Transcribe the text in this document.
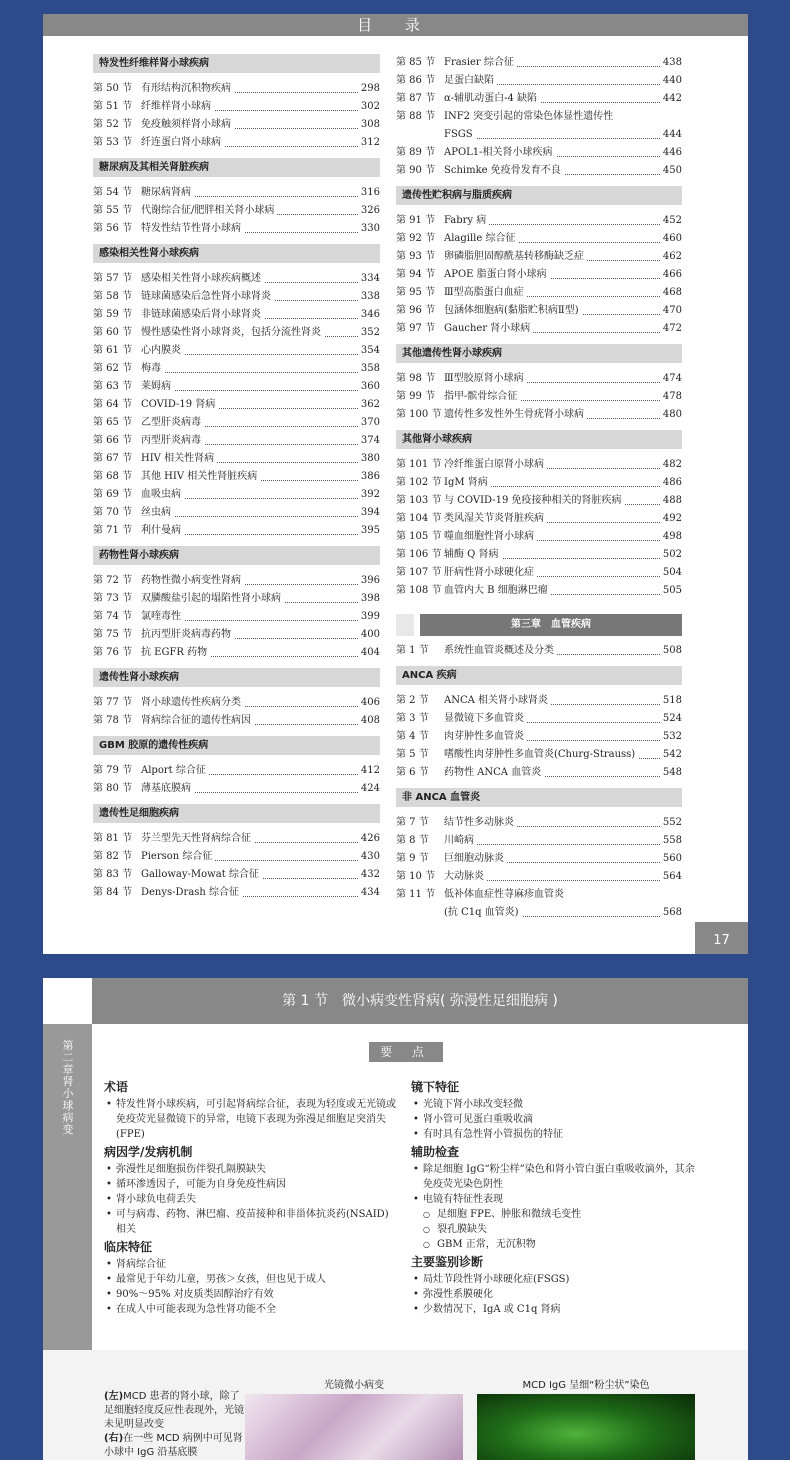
目 录
特发性纤维样肾小球疾病
第 50 节 有形结构沉积物疾病	298
第 51 节 纤维样肾小球病	302
第 52 节 免疫触须样肾小球病	308
第 53 节 纤连蛋白肾小球病	312
糖尿病及其相关肾脏疾病
第 54 节 糖尿病肾病	316
第 55 节 代谢综合征/肥胖相关肾小球病	326
第 56 节 特发性结节性肾小球病	330
感染相关性肾小球疾病
第 57 节 感染相关性肾小球疾病概述	334
第 58 节 链球菌感染后急性肾小球肾炎	338
第 59 节 非链球菌感染后肾小球肾炎	346
第 60 节 慢性感染性肾小球肾炎，包括分流性肾炎	352
第 61 节 心内膜炎	354
第 62 节 梅毒	358
第 63 节 莱姆病	360
第 64 节 COVID-19 肾病	362
第 65 节 乙型肝炎病毒	370
第 66 节 丙型肝炎病毒	374
第 67 节 HIV 相关性肾病	380
第 68 节 其他 HIV 相关性肾脏疾病	386
第 69 节 血吸虫病	392
第 70 节 丝虫病	394
第 71 节 利什曼病	395
药物性肾小球疾病
第 72 节 药物性微小病变性肾病	396
第 73 节 双膦酸盐引起的塌陷性肾小球病	398
第 74 节 氯喹毒性	399
第 75 节 抗丙型肝炎病毒药物	400
第 76 节 抗 EGFR 药物	404
遗传性肾小球疾病
第 77 节 肾小球遗传性疾病分类	406
第 78 节 肾病综合征的遗传性病因	408
GBM 胶原的遗传性疾病
第 79 节 Alport 综合征	412
第 80 节 薄基底膜病	424
遗传性足细胞疾病
第 81 节 芬兰型先天性肾病综合征	426
第 82 节 Pierson 综合征	430
第 83 节 Galloway-Mowat 综合征	432
第 84 节 Denys-Drash 综合征	434
第 85 节 Frasier 综合征	438
第 86 节 足蛋白缺陷	440
第 87 节 α-辅肌动蛋白-4 缺陷	442
第 88 节 INF2 突变引起的常染色体显性遗传性
FSGS	444
第 89 节 APOL1-相关肾小球疾病	446
第 90 节 Schimke 免疫骨发育不良	450
遗传性贮积病与脂质疾病
第 91 节 Fabry 病	452
第 92 节 Alagille 综合征	460
第 93 节 卵磷脂胆固醇酰基转移酶缺乏症	462
第 94 节 APOE 脂蛋白肾小球病	466
第 95 节 Ⅲ型高脂蛋白血症	468
第 96 节 包涵体细胞病(黏脂贮积病Ⅱ型)	470
第 97 节 Gaucher 肾小球病	472
其他遗传性肾小球疾病
第 98 节 Ⅲ型胶原肾小球病	474
第 99 节 指甲-髌骨综合征	478
第 100 节 遗传性多发性外生骨疣肾小球病	480
其他肾小球疾病
第 101 节 冷纤维蛋白原肾小球病	482
第 102 节 IgM 肾病	486
第 103 节 与 COVID-19 免疫接种相关的肾脏疾病	488
第 104 节 类风湿关节炎肾脏疾病	492
第 105 节 噬血细胞性肾小球病	498
第 106 节 辅酶 Q 肾病	502
第 107 节 肝病性肾小球硬化症	504
第 108 节 血管内大 B 细胞淋巴瘤	505
第三章　血管疾病
第 1 节 系统性血管炎概述及分类	508
ANCA 疾病
第 2 节 ANCA 相关肾小球肾炎	518
第 3 节 显微镜下多血管炎	524
第 4 节 肉芽肿性多血管炎	532
第 5 节 嗜酸性肉芽肿性多血管炎(Churg-Strauss)	542
第 6 节 药物性 ANCA 血管炎	548
非 ANCA 血管炎
第 7 节 结节性多动脉炎	552
第 8 节 川崎病	558
第 9 节 巨细胞动脉炎	560
第 10 节 大动脉炎	564
第 11 节 低补体血症性荨麻疹血管炎
(抗 C1q 血管炎)	568
17
第二章 肾小球病变
第 1 节　微小病变性肾病( 弥漫性足细胞病 )
要 点
术语
• 特发性肾小球疾病，可引起肾病综合征，表现为轻度或无光镜或免疫荧光显微镜下的异常，电镜下表现为弥漫足细胞足突消失(FPE)
病因学/发病机制
• 弥漫性足细胞损伤伴裂孔隔膜缺失
• 循环渗透因子，可能为自身免疫性病因
• 肾小球负电荷丢失
• 可与病毒、药物、淋巴瘤、疫苗接种和非甾体抗炎药(NSAID)相关
临床特征
• 肾病综合征
• 最常见于年幼儿童，男孩＞女孩，但也见于成人
• 90%～95% 对皮质类固醇治疗有效
• 在成人中可能表现为急性肾功能不全
镜下特征
• 光镜下肾小球改变轻微
• 肾小管可见蛋白重吸收滴
• 有时具有急性肾小管损伤的特征
辅助检查
• 除足细胞 IgG“粉尘样”染色和肾小管白蛋白重吸收滴外，其余免疫荧光染色阴性
• 电镜有特征性表现
○ 足细胞 FPE、肿胀和微绒毛变性
○ 裂孔膜缺失
○ GBM 正常，无沉积物
主要鉴别诊断
• 局灶节段性肾小球硬化症(FSGS)
• 弥漫性系膜硬化
• 少数情况下，IgA 或 C1q 肾病
光镜微小病变	MCD IgG 呈细“粉尘状”染色
(左)MCD 患者的肾小球，除了足细胞轻度反应性表现外，光镜未见明显改变
(右)在一些 MCD 病例中可见肾小球中 IgG 沿基底膜
